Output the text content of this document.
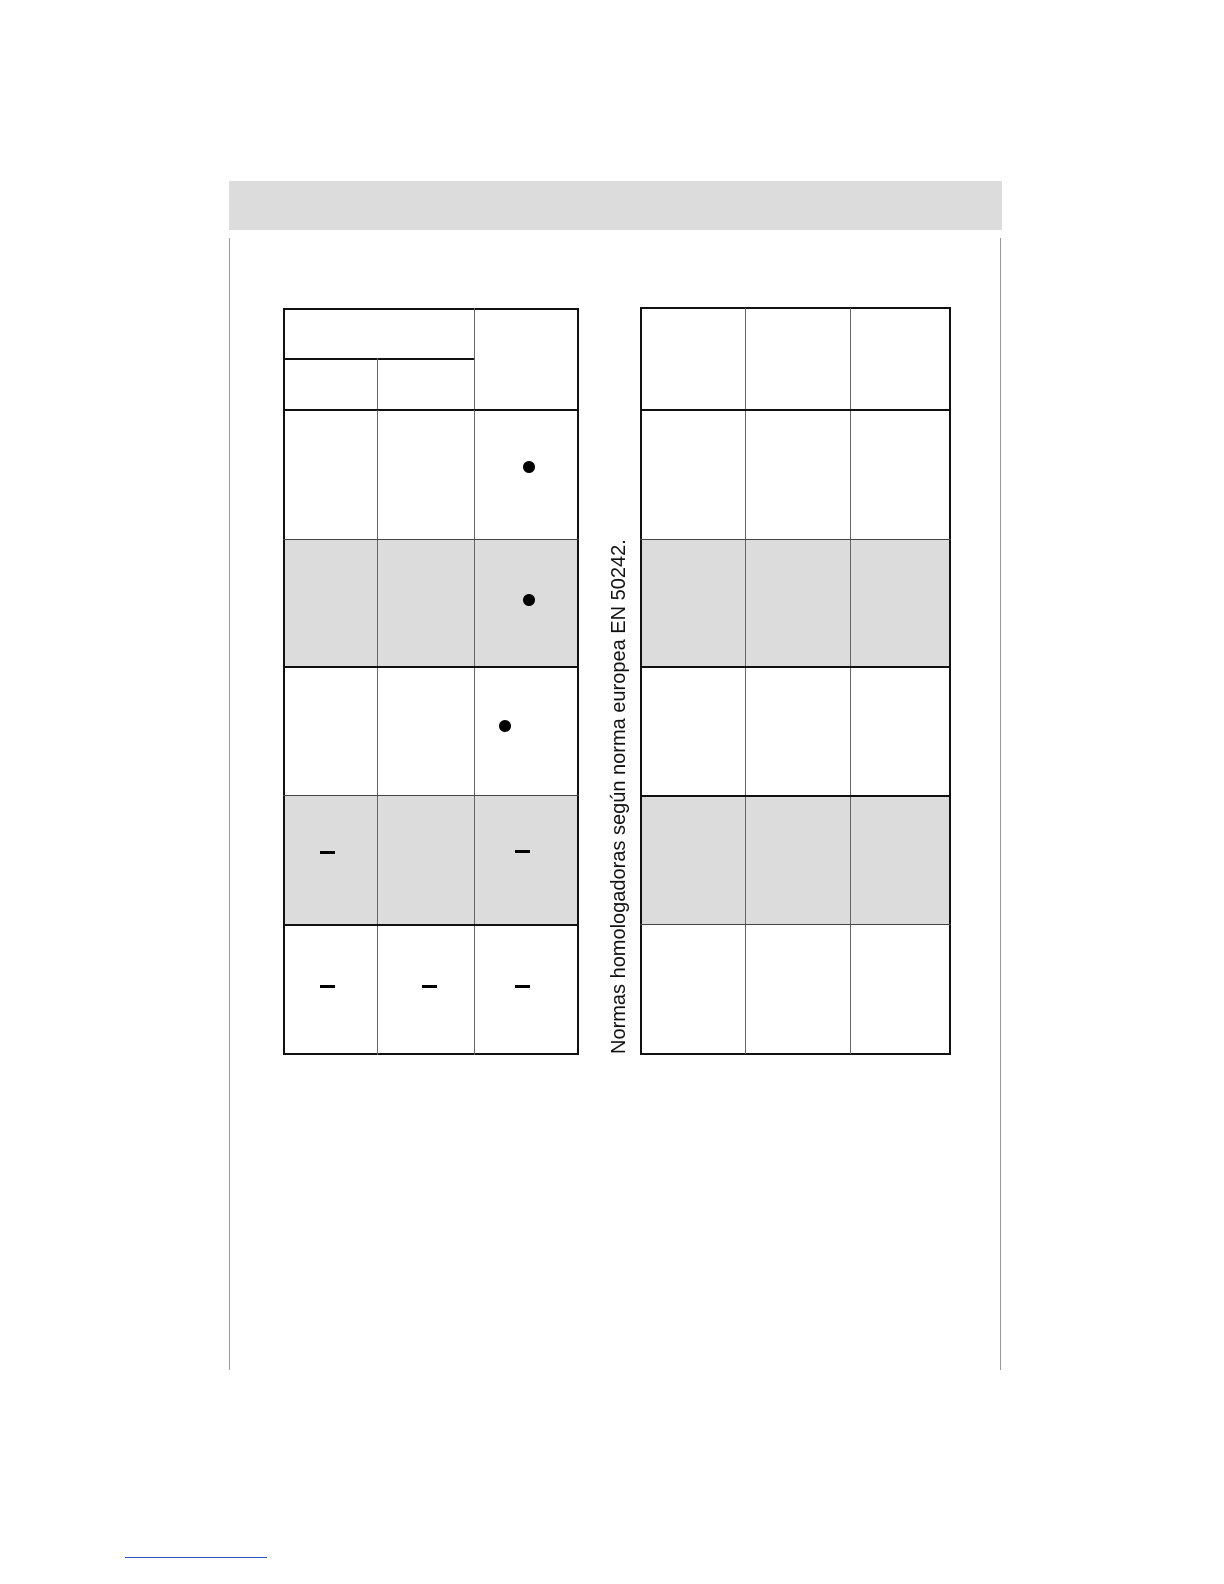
Normas homologadoras según norma europea EN 50242.
